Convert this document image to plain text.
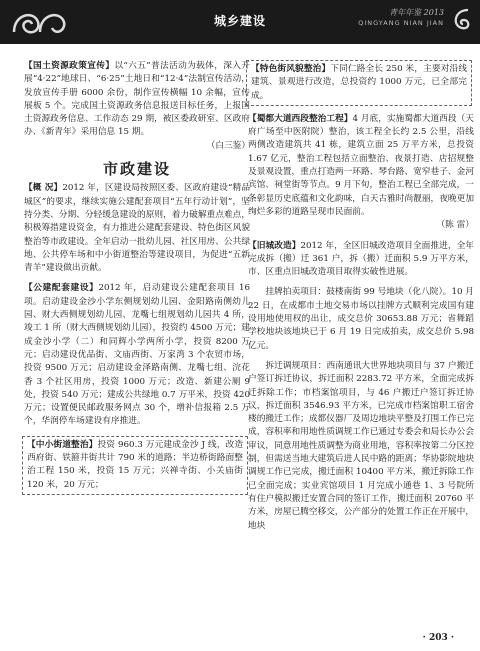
城乡建设
青年年鉴 2013
QINGYANG NIAN JIAN

【国土资源政策宣传】以“六五”普法活动为载体，深入开展“4·22”地球日、“6·25”土地日和“12·4”法制宣传活动，发放宣传手册 6000 余份，制作宣传横幅 10 余幅，宣传展板 5 个。完成国土资源政务信息报送目标任务，上报国土资源政务信息、工作动态 29 期，被区委政研室、区政府办、《新青年》采用信息 15 期。
（白三鉴）

市政建设

【概 况】2012 年，区建设局按照区委、区政府建设“精品城区”的要求，继续实施公建配套项目“五年行动计划”，坚持分类、分期、分轻缓急建设的原则，着力破解重点难点，积极筹措建设资金，有力推进公建配套建设、特色街区风貌整治等市政建设。全年启动一批幼儿园、社区用房、公共绿地、公共停车场和中小街道整治等建设项目，为促进“五新青羊”建设做出贡献。

【公建配套建设】2012 年，启动建设公建配套项目 16 项。启动建设金沙小学东侧规划幼儿园、金阳路南侧幼儿园、财大西侧规划幼儿园、龙嘴七组规划幼儿园共 4 所，竣工 1 所（财大西侧规划幼儿园），投资约 4500 万元；建成金沙小学（二）和同辉小学两所小学，投资 8200 万元；启动建设优品街、文庙西街、万家湾 3 个农贸市场，投资 9500 万元；启动建设金泽路南侧、龙嘴七组、浣花香 3 个社区用房，投资 1000 万元；改造、新建公厕 9 处，投资 540 万元；建成公共绿地 0.7 万平米，投资 420 万元；设置便民邮政服务网点 30 个，增补信报箱 2.5 万个，华润停车场建设有序推进。

【中小街道整治】投资 960.3 万元建成金沙 J 线，改造西府街、铁箍井街共计 790 米的道路；半边桥街路面整治工程 150 米，投资 15 万元；兴禅寺街、小关庙街 120 米，20 万元；
【特色街风貌整治】下同仁路全长 250 米，主要对沿线建筑、景观进行改造，总投资约 1000 万元，已全部完成。

【蜀都大道西段整治工程】4 月底，实施蜀都大道西段（天府广场至中医附院）整治，该工程全长约 2.5 公里，沿线两侧改造建筑共 41 栋，建筑立面 25 万平方米，总投资 1.67 亿元，整治工程包括立面整治、夜景打造、店招规整及景观设置，重点打造两一环路、琴台路、宽窄巷子、金河宾馆、祠堂街等节点。9 月下旬，整治工程已全部完成，一条彰显历史底蕴和文化韵味，白天古雅时尚靓丽，夜晚更加绚烂多彩的道路呈现市民面前。
（陈 雷）

【旧城改造】2012 年，全区旧城改造项目全面推进，全年完成拆（搬）迁 361 户，拆（搬）迁面积 5.9 万平方米，市、区重点旧城改造项目取得实破性进展。

挂牌拍卖项目：鼓楼南街 99 号地块（化八院）。10 月 22 日，在成都市土地交易市场以挂牌方式顺利完成国有建设用地使用权的出让，成交总价 30653.88 万元；省舞蹈学校地块该地块已于 6 月 19 日完成拍卖，成交总价 5.98 亿元。

拆迁调规项目：西南通讯大世界地块项目与 37 户搬迁户签订拆迁协议，拆迁面积 2283.72 平方米，全面完成拆迁拆除工作；市档案馆项目，与 46 户搬迁户签订拆迁协议，拆迁面积 3546.93 平方米，已完成市档案馆职工宿舍楼的搬迁工作；成都仪器厂及周边地块平整及打围工作已完成，容积率和用地性质调规工作已通过专委会和局长办公会审议，同意用地性质调整为商业用地，容积率按第二分区控制，但需送当地大建筑后进人民中路的距离；华协影院地块调规工作已完成，搬迁面积 10400 平方米，搬迁拆除工作已全面完成；实业宾馆项目 1 月完成小通巷 1、3 号院所有住户模拟搬迁安置合同的签订工作，搬迁面积 20760 平方米，房屋已腾空移交，公产部分的处置工作正在开展中，地块

· 203 ·
